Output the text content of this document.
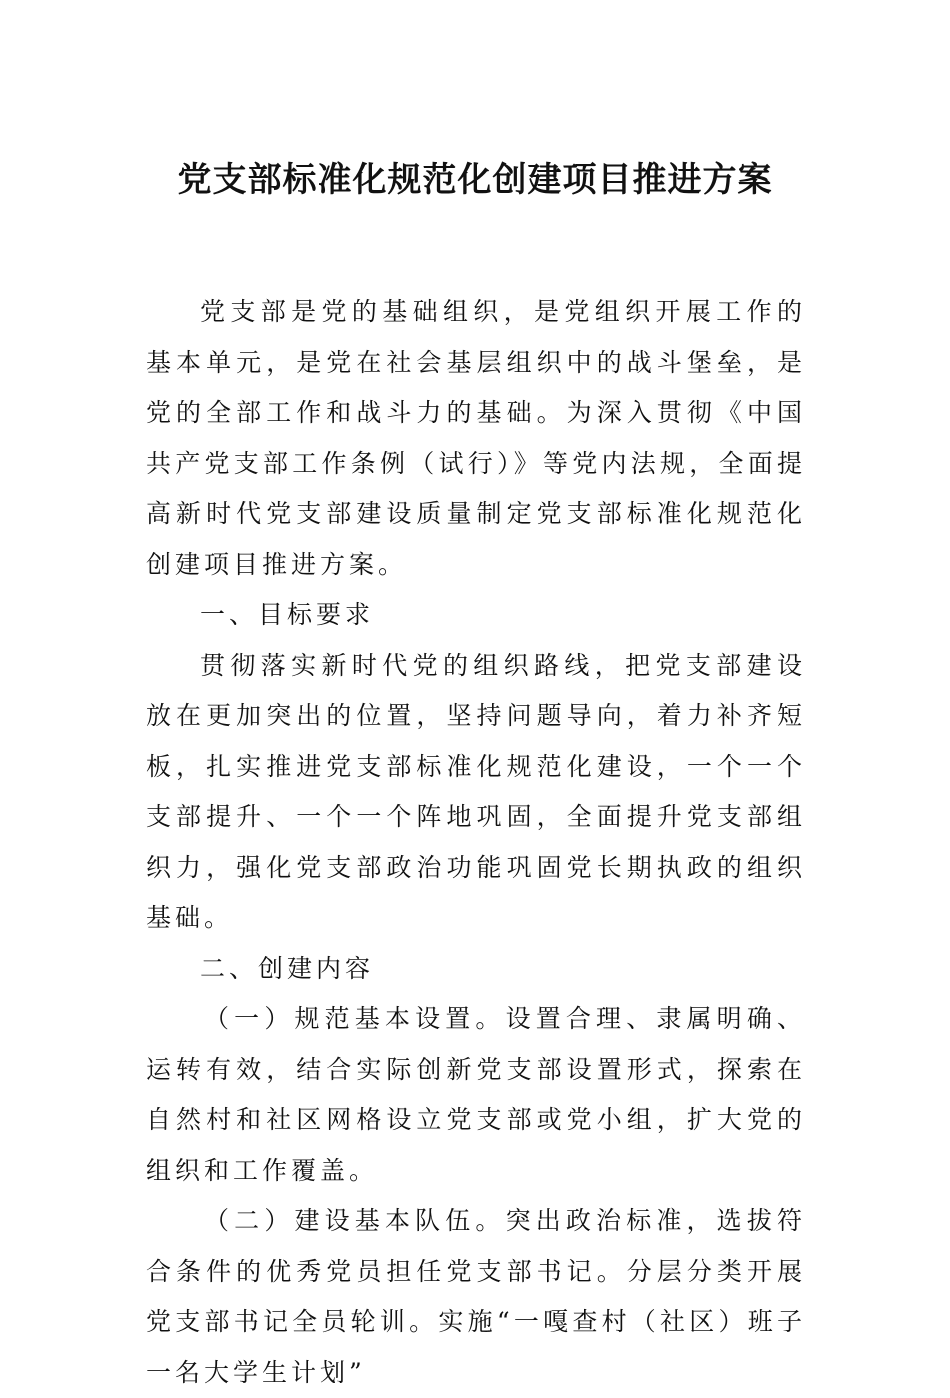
党支部标准化规范化创建项目推进方案

党支部是党的基础组织，是党组织开展工作的基本单元，是党在社会基层组织中的战斗堡垒，是党的全部工作和战斗力的基础。为深入贯彻《中国共产党支部工作条例（试行）》等党内法规，全面提高新时代党支部建设质量制定党支部标准化规范化创建项目推进方案。

一、目标要求

贯彻落实新时代党的组织路线，把党支部建设放在更加突出的位置，坚持问题导向，着力补齐短板，扎实推进党支部标准化规范化建设，一个一个支部提升、一个一个阵地巩固，全面提升党支部组织力，强化党支部政治功能巩固党长期执政的组织基础。

二、创建内容

（一）规范基本设置。设置合理、隶属明确、运转有效，结合实际创新党支部设置形式，探索在自然村和社区网格设立党支部或党小组，扩大党的组织和工作覆盖。

（二）建设基本队伍。突出政治标准，选拔符合条件的优秀党员担任党支部书记。分层分类开展党支部书记全员轮训。实施“一嘎查村（社区）班子一名大学生计划”
